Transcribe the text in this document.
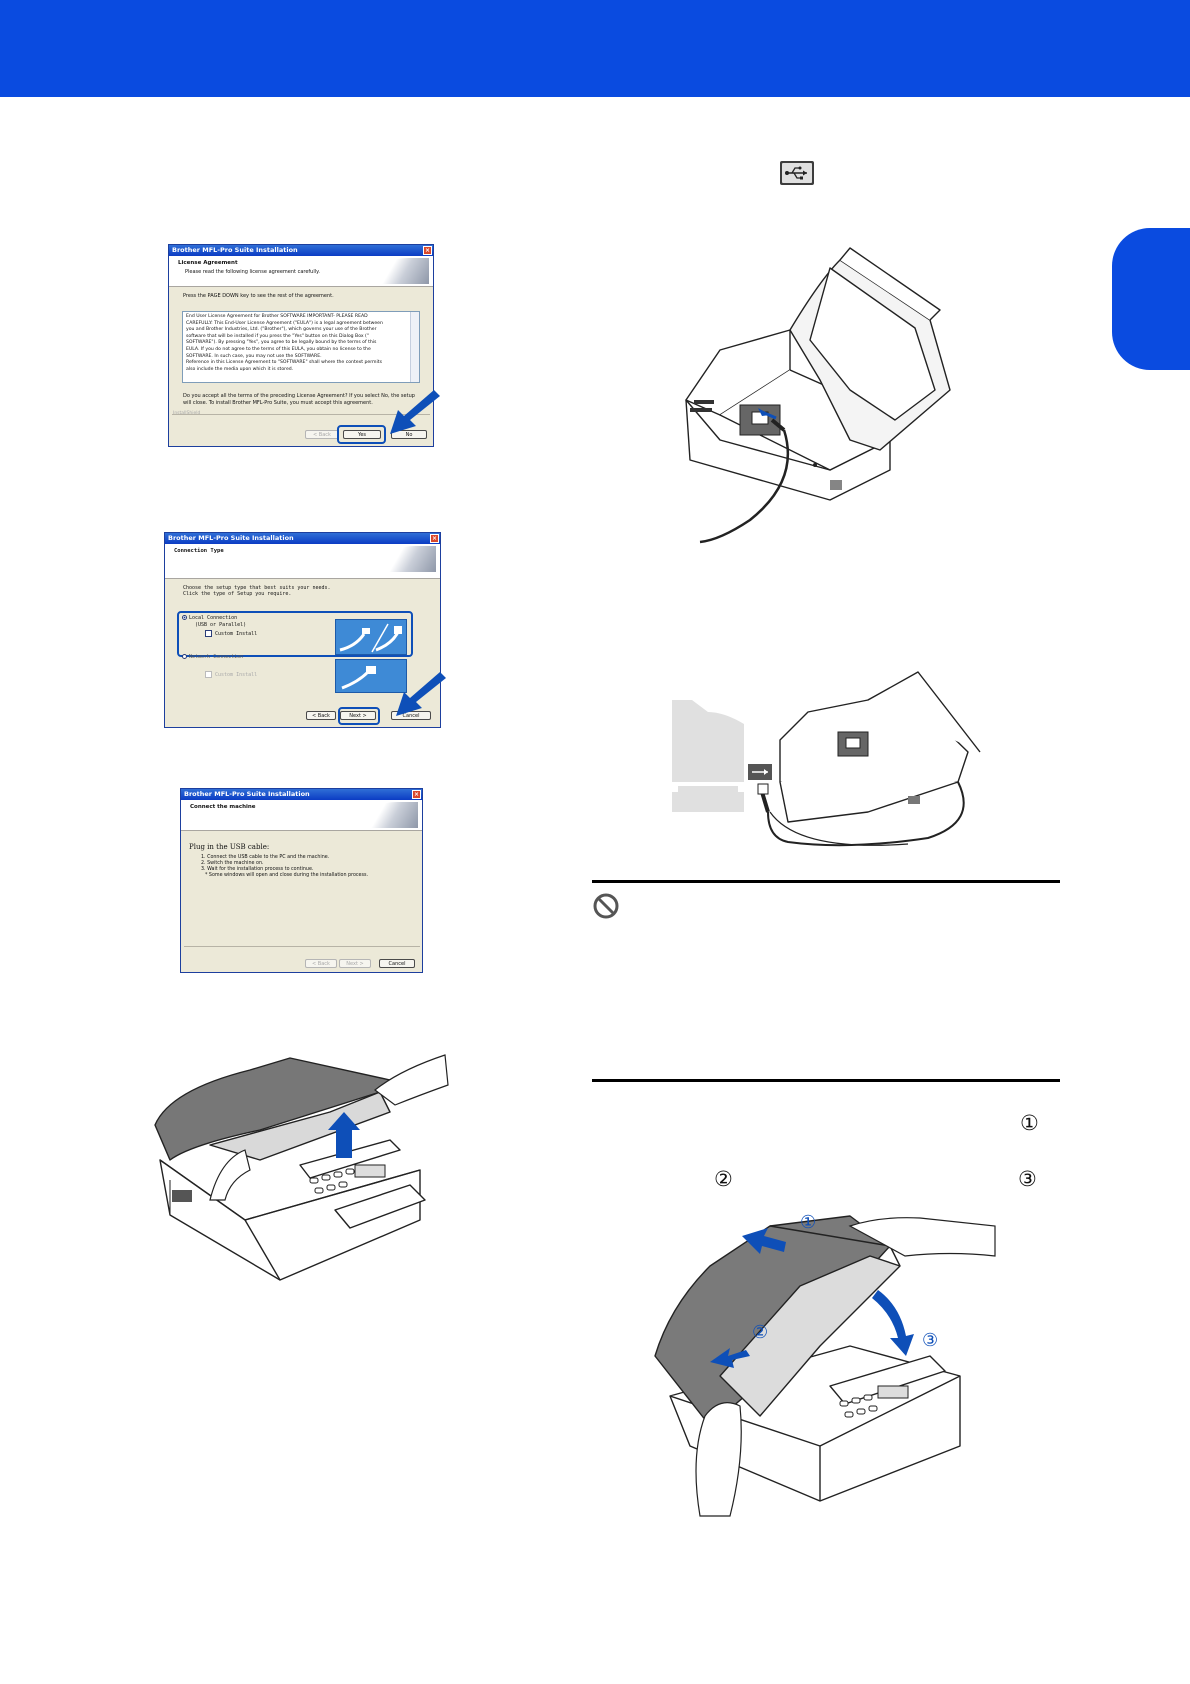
Brother MFL-Pro Suite Installation	×
License Agreement
Please read the following license agreement carefully.
Press the PAGE DOWN key to see the rest of the agreement.
End User License Agreement for Brother SOFTWARE IMPORTANT- PLEASE READ
CAREFULLY: This End-User License Agreement ("EULA") is a legal agreement between
you and Brother Industries, Ltd. ("Brother"), which governs your use of the Brother
software that will be installed if you press the "Yes" button on this Dialog Box ("
SOFTWARE"). By pressing "Yes", you agree to be legally bound by the terms of this
EULA. If you do not agree to the terms of this EULA, you obtain no license to the
SOFTWARE. In such case, you may not use the SOFTWARE.
Reference in this License Agreement to "SOFTWARE" shall where the context permits
also include the media upon which it is stored.
Do you accept all the terms of the preceding License Agreement? If you select No, the setup
will close. To install Brother MFL-Pro Suite, you must accept this agreement.
< Back	Yes	No
Brother MFL-Pro Suite Installation	×
Connection Type
Choose the setup type that best suits your needs.
Click the type of Setup you require.
Local Connection
(USB or Parallel)
Custom Install
Network Connection
Custom Install
< Back	Next >	Cancel
Brother MFL-Pro Suite Installation	×
Connect the machine
Plug in the USB cable:
1. Connect the USB cable to the PC and the machine.
2. Switch the machine on.
3. Wait for the installation process to continue.
* Some windows will open and close during the installation process.
< Back	Next >	Cancel
①
②	③
①
②	③
